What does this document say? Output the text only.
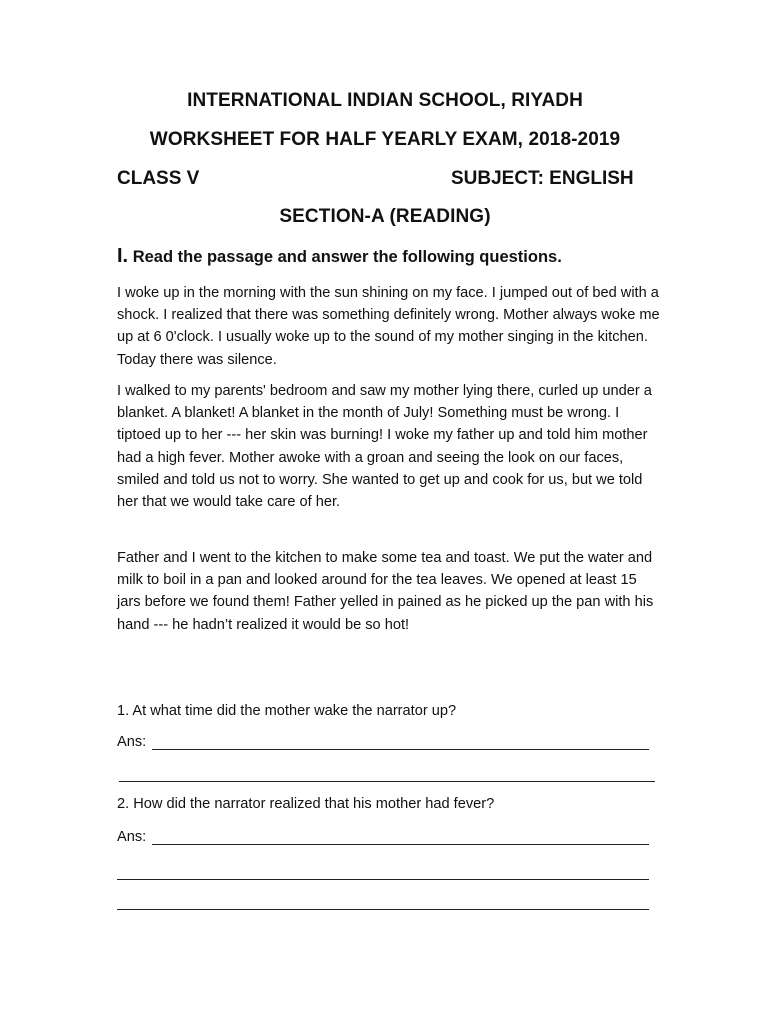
INTERNATIONAL INDIAN SCHOOL, RIYADH
WORKSHEET FOR HALF YEARLY EXAM, 2018-2019
CLASS V	SUBJECT: ENGLISH
SECTION-A (READING)
I. Read the passage and answer the following questions.

I woke up in the morning with the sun shining on my face. I jumped out of bed with a shock. I realized that there was something definitely wrong. Mother always woke me up at 6 0'clock. I usually woke up to the sound of my mother singing in the kitchen. Today there was silence.

I walked to my parents' bedroom and saw my mother lying there, curled up under a blanket. A blanket! A blanket in the month of July! Something must be wrong. I tiptoed up to her --- her skin was burning! I woke my father up and told him mother had a high fever. Mother awoke with a groan and seeing the look on our faces, smiled and told us not to worry. She wanted to get up and cook for us, but we told her that we would take care of her.

Father and I went to the kitchen to make some tea and toast. We put the water and milk to boil in a pan and looked around for the tea leaves. We opened at least 15 jars before we found them! Father yelled in pained as he picked up the pan with his hand --- he hadn’t realized it would be so hot!

1. At what time did the mother wake the narrator up?
Ans:
2. How did the narrator realized that his mother had fever?
Ans:
